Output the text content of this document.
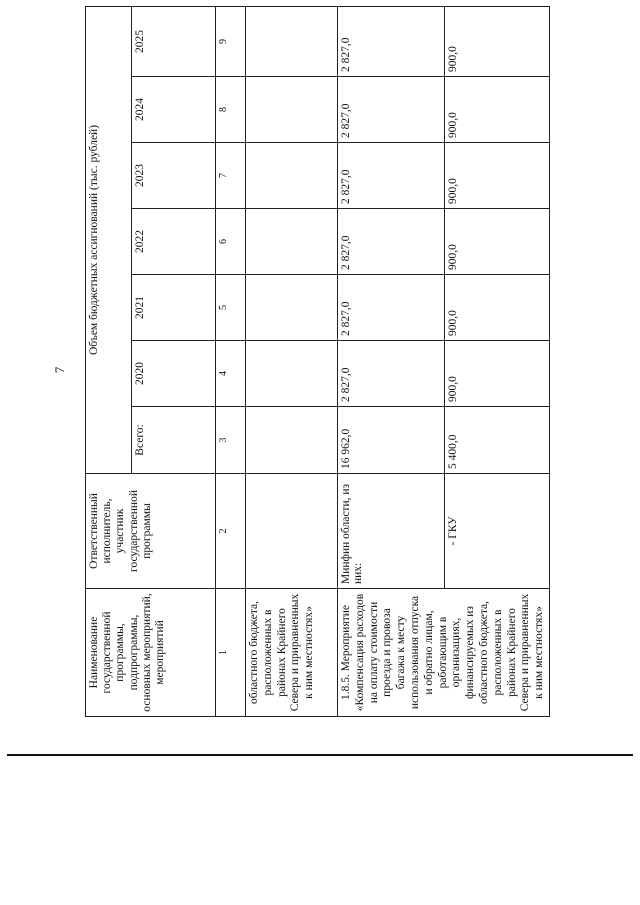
7
Наименование государственной программы, подпрограммы, основных мероприятий, мероприятий	Ответственный исполнитель, участник государственной программы	Объем бюджетных ассигнований (тыс. рублей)						
		Всего:	2020	2021	2022	2023	2024	2025
1	2	3	4	5	6	7	8	9
областного бюджета, расположенных в районах Крайнего Севера и приравненных к ним местностях»								
1.8.5. Мероприятие «Компенсация расходов на оплату стоимости проезда и провоза багажа к месту использования отпуска и обратно лицам, работающим в организациях, финансируемых из областного бюджета, расположенных в районах Крайнего Севера и приравненных к ним местностях»	Минфин области, из них:	16 962,0	2 827,0	2 827,0	2 827,0	2 827,0	2 827,0	2 827,0
	- ГКУ	5 400,0	900,0	900,0	900,0	900,0	900,0	900,0
